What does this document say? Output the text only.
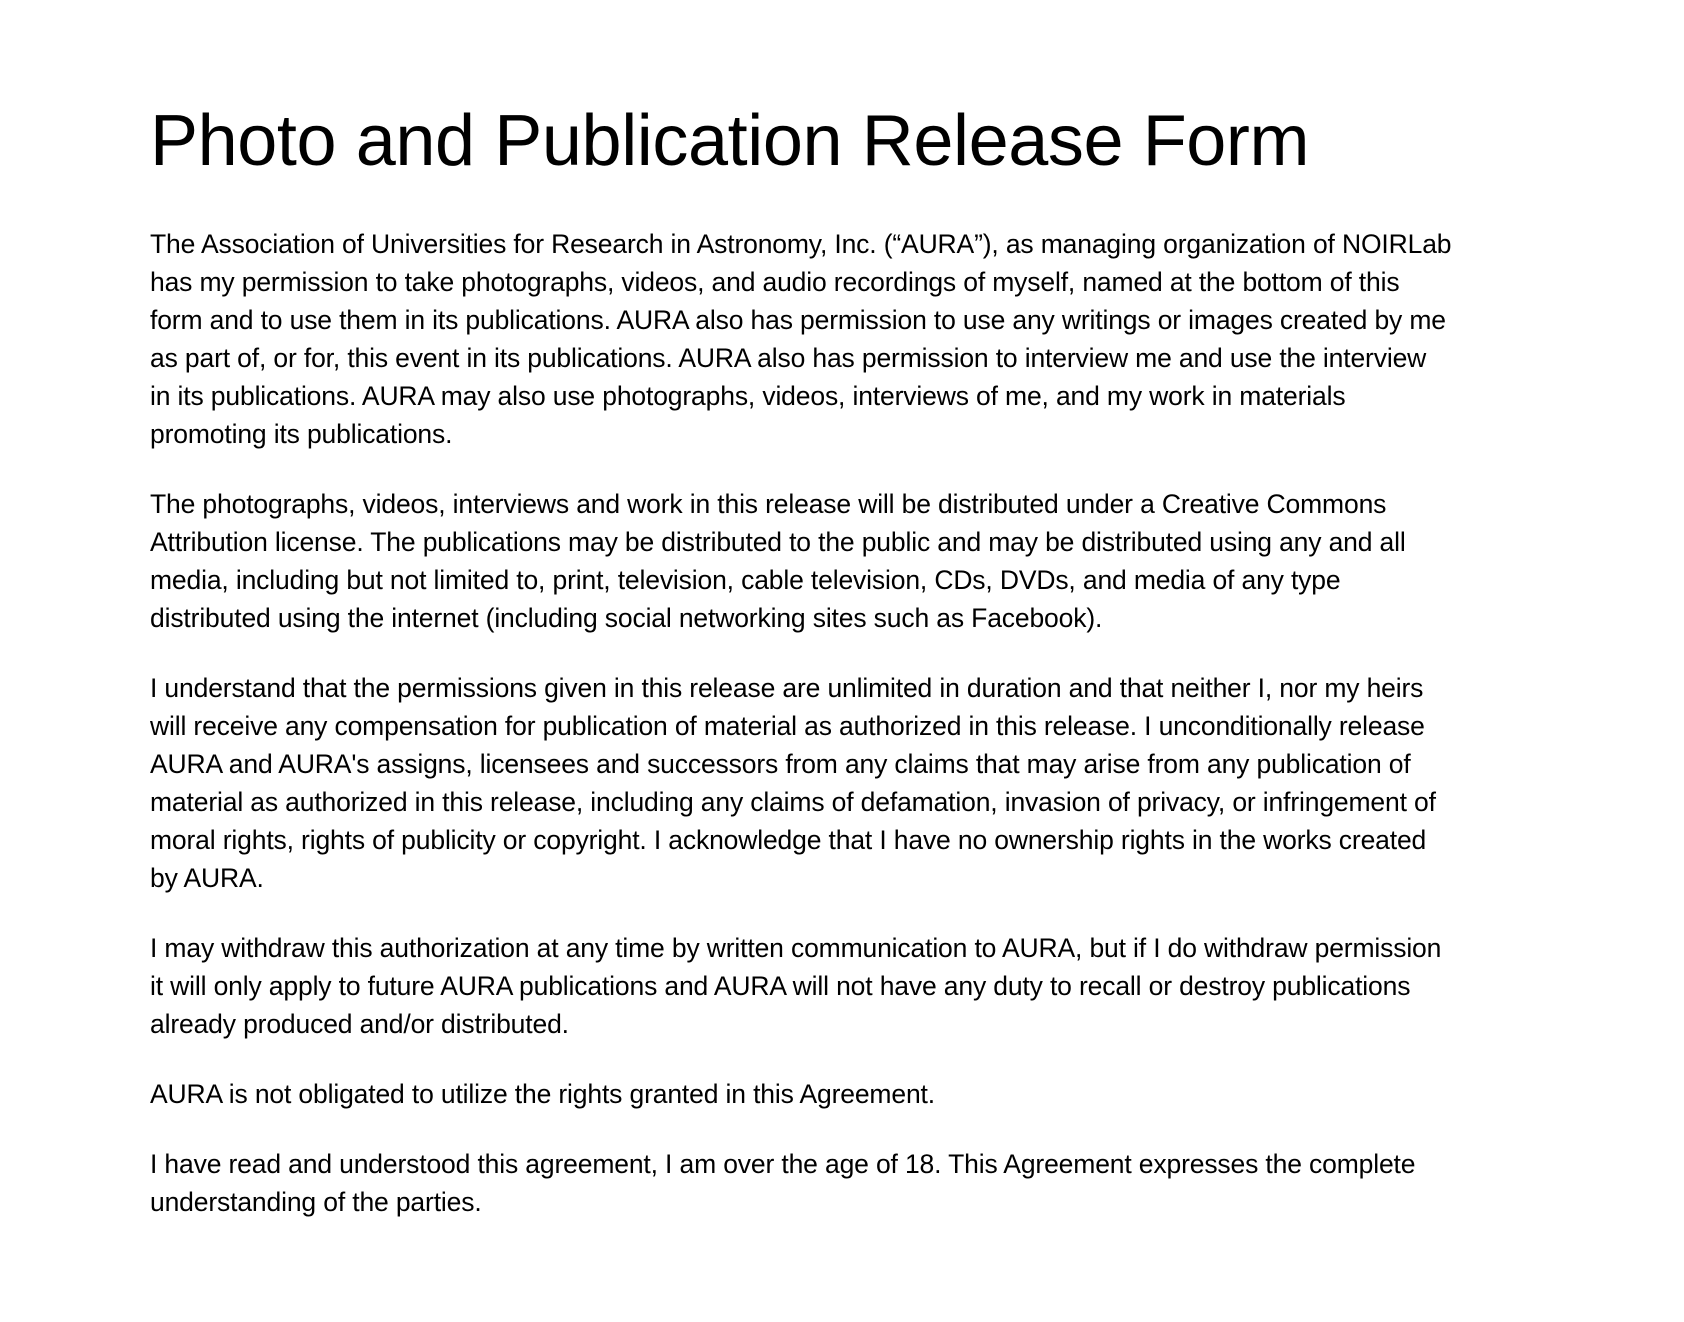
Photo and Publication Release Form

The Association of Universities for Research in Astronomy, Inc. (“AURA”), as managing organization of NOIRLab
has my permission to take photographs, videos, and audio recordings of myself, named at the bottom of this
form and to use them in its publications. AURA also has permission to use any writings or images created by me
as part of, or for, this event in its publications. AURA also has permission to interview me and use the interview
in its publications. AURA may also use photographs, videos, interviews of me, and my work in materials
promoting its publications.

The photographs, videos, interviews and work in this release will be distributed under a Creative Commons
Attribution license. The publications may be distributed to the public and may be distributed using any and all
media, including but not limited to, print, television, cable television, CDs, DVDs, and media of any type
distributed using the internet (including social networking sites such as Facebook).

I understand that the permissions given in this release are unlimited in duration and that neither I, nor my heirs
will receive any compensation for publication of material as authorized in this release. I unconditionally release
AURA and AURA's assigns, licensees and successors from any claims that may arise from any publication of
material as authorized in this release, including any claims of defamation, invasion of privacy, or infringement of
moral rights, rights of publicity or copyright. I acknowledge that I have no ownership rights in the works created
by AURA.

I may withdraw this authorization at any time by written communication to AURA, but if I do withdraw permission
it will only apply to future AURA publications and AURA will not have any duty to recall or destroy publications
already produced and/or distributed.

AURA is not obligated to utilize the rights granted in this Agreement.

I have read and understood this agreement, I am over the age of 18. This Agreement expresses the complete
understanding of the parties.
